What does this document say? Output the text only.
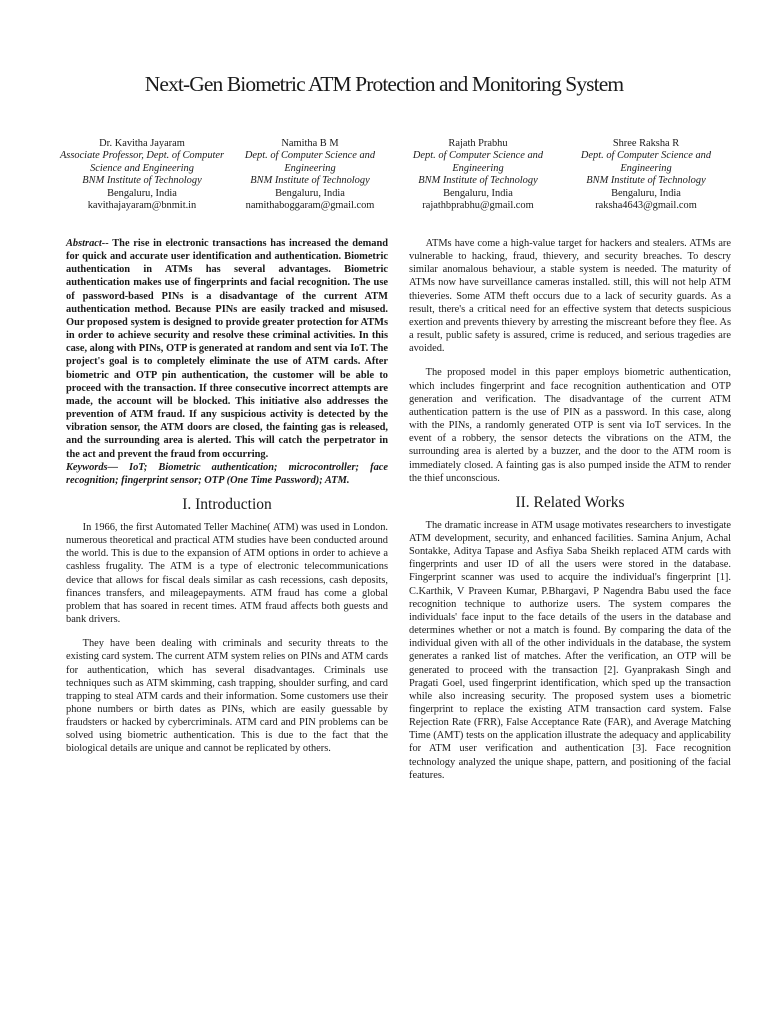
Next-Gen Biometric ATM Protection and Monitoring System
Dr. Kavitha Jayaram
Associate Professor, Dept. of Computer Science and Engineering
BNM Institute of Technology
Bengaluru, India
kavithajayaram@bnmit.in
Namitha B M
Dept. of Computer Science and Engineering
BNM Institute of Technology
Bengaluru, India
namithaboggaram@gmail.com
Rajath Prabhu
Dept. of Computer Science and Engineering
BNM Institute of Technology
Bengaluru, India
rajathbprabhu@gmail.com
Shree Raksha R
Dept. of Computer Science and Engineering
BNM Institute of Technology
Bengaluru, India
raksha4643@gmail.com

Abstract-- The rise in electronic transactions has increased the demand for quick and accurate user identification and authentication. Biometric authentication in ATMs has several advantages. Biometric authentication makes use of fingerprints and facial recognition. The use of password-based PINs is a disadvantage of the current ATM authentication method. Because PINs are easily tracked and misused. Our proposed system is designed to provide greater protection for ATMs in order to achieve security and resolve these criminal activities. In this case, along with PINs, OTP is generated at random and sent via IoT. The project's goal is to completely eliminate the use of ATM cards. After biometric and OTP pin authentication, the customer will be able to proceed with the transaction. If three consecutive incorrect attempts are made, the account will be blocked. This initiative also addresses the prevention of ATM fraud. If any suspicious activity is detected by the vibration sensor, the ATM doors are closed, the fainting gas is released, and the surrounding area is alerted. This will catch the perpetrator in the act and prevent the fraud from occurring.

Keywords— IoT; Biometric authentication; microcontroller; face recognition; fingerprint sensor; OTP (One Time Password); ATM.

I. Introduction

In 1966, the first Automated Teller Machine( ATM) was used in London. numerous theoretical and practical ATM studies have been conducted around the world. This is due to the expansion of ATM options in order to achieve a cashless frugality. The ATM is a type of electronic telecommunications device that allows for fiscal deals similar as cash recessions, cash deposits, finances transfers, and mileagepayments. ATM fraud has come a global problem that has soared in recent times. ATM fraud affects both guests and bank drivers.

They have been dealing with criminals and security threats to the existing card system. The current ATM system relies on PINs and ATM cards for authentication, which has several disadvantages. Criminals use techniques such as ATM skimming, cash trapping, shoulder surfing, and card trapping to steal ATM cards and their information. Some customers use their phone numbers or birth dates as PINs, which are easily guessable by fraudsters or hacked by cybercriminals. ATM card and PIN problems can be solved using biometric authentication. This is due to the fact that the biological details are unique and cannot be replicated by others.

ATMs have come a high-value target for hackers and stealers. ATMs are vulnerable to hacking, fraud, thievery, and security breaches. To descry similar anomalous behaviour, a stable system is needed. The maturity of ATMs now have surveillance cameras installed. still, this will not help ATM thieveries. Some ATM theft occurs due to a lack of security guards. As a result, there's a critical need for an effective system that detects suspicious exertion and prevents thievery by arresting the miscreant before they flee. As a result, public safety is assured, crime is reduced, and serious tragedies are avoided.

The proposed model in this paper employs biometric authentication, which includes fingerprint and face recognition authentication and OTP generation and verification. The disadvantage of the current ATM authentication pattern is the use of PIN as a password. In this case, along with the PINs, a randomly generated OTP is sent via IoT services. In the event of a robbery, the sensor detects the vibrations on the ATM, the surrounding area is alerted by a buzzer, and the door to the ATM room is immediately closed. A fainting gas is also pumped inside the ATM to render the thief unconscious.

II. Related Works

The dramatic increase in ATM usage motivates researchers to investigate ATM development, security, and enhanced facilities. Samina Anjum, Achal Sontakke, Aditya Tapase and Asfiya Saba Sheikh replaced ATM cards with fingerprints and user ID of all the users were stored in the database. Fingerprint scanner was used to acquire the individual's fingerprint [1]. C.Karthik, V Praveen Kumar, P.Bhargavi, P Nagendra Babu used the face recognition technique to authorize users. The system compares the individuals' face input to the face details of the users in the database and determines whether or not a match is found. By comparing the data of the individual given with all of the other individuals in the database, the system generates a ranked list of matches. After the verification, an OTP will be generated to proceed with the transaction [2]. Gyanprakash Singh and Pragati Goel, used fingerprint identification, which sped up the transaction while also increasing security. The proposed system uses a biometric fingerprint to replace the existing ATM transaction card system. False Rejection Rate (FRR), False Acceptance Rate (FAR), and Average Matching Time (AMT) tests on the application illustrate the adequacy and applicability for ATM user verification and authentication [3]. Face recognition technology analyzed the unique shape, pattern, and positioning of the facial features.
